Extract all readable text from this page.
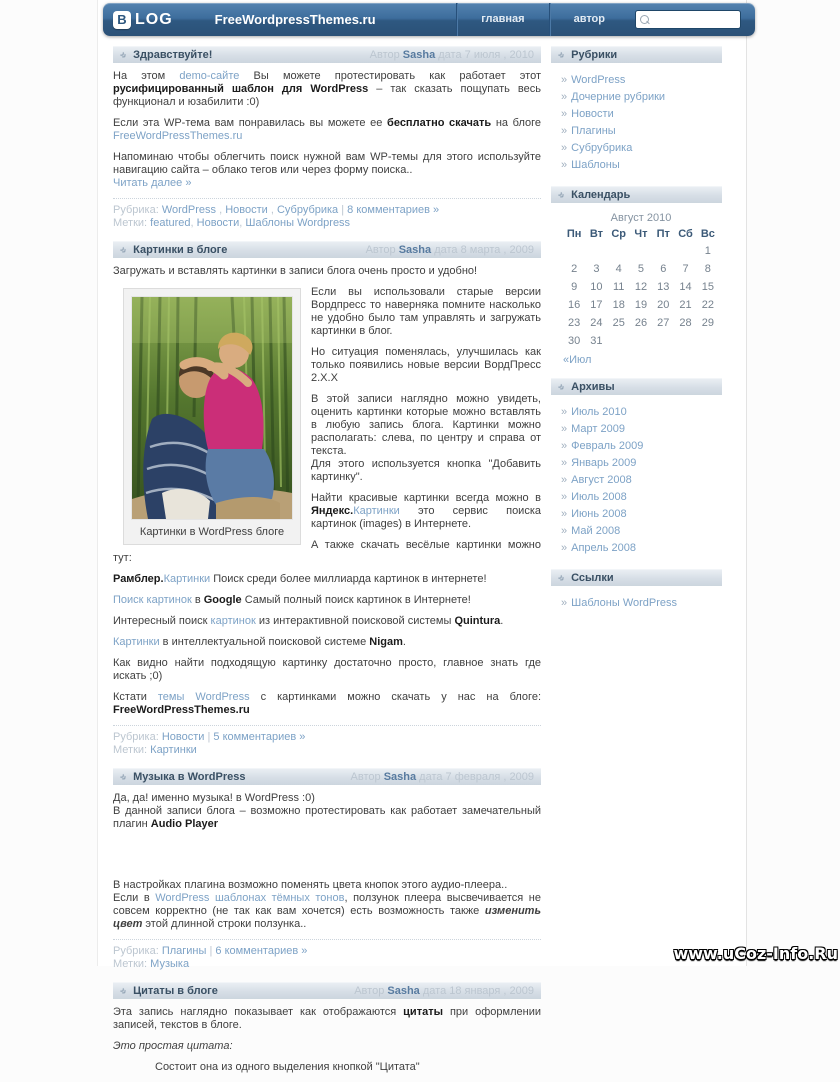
B LOG	FreeWordpressThemes.ru	главная	автор
» Здравствуйте!	Автор Sasha дата 7 июля , 2010

На этом demo-сайте Вы можете протестировать как работает этот русифицированный шаблон для WordPress – так сказать пощупать весь функционал и юзабилити :0)

Если эта WP-тема вам понравилась вы можете ее бесплатно скачать на блоге FreeWordPressThemes.ru

Напоминаю чтобы облегчить поиск нужной вам WP-темы для этого используйте навигацию сайта – облако тегов или через форму поиска..
Читать далее »

Рубрика: WordPress , Новости , Субрубрика | 8 комментариев »
Метки: featured, Новости, Шаблоны Wordpress
» Картинки в блоге	Автор Sasha дата 8 марта , 2009

Загружать и вставлять картинки в записи блога очень просто и удобно!

Картинки в WordPress блоге

Если вы использовали старые версии Вордпресс то наверняка помните насколько не удобно было там управлять и загружать картинки в блог.

Но ситуация поменялась, улучшилась как только появились новые версии ВордПресс 2.X.X

В этой записи наглядно можно увидеть, оценить картинки которые можно вставлять в любую запись блога. Картинки можно располагать: слева, по центру и справа от текста.
Для этого используется кнопка "Добавить картинку".

Найти красивые картинки всегда можно в Яндекс.Картинки это сервис поиска картинок (images) в Интернете.

А также скачать весёлые картинки можно тут:

Рамблер.Картинки Поиск среди более миллиарда картинок в интернете!

Поиск картинок в Google Самый полный поиск картинок в Интернете!

Интересный поиск картинок из интерактивной поисковой системы Quintura.

Картинки в интеллектуальной поисковой системе Nigam.

Как видно найти подходящую картинку достаточно просто, главное знать где искать ;0)

Кстати темы WordPress с картинками можно скачать у нас на блоге: FreeWordPressThemes.ru

Рубрика: Новости | 5 комментариев »
Метки: Картинки
» Музыка в WordPress	Автор Sasha дата 7 февраля , 2009

Да, да! именно музыка! в WordPress :0)
В данной записи блога – возможно протестировать как работает замечательный плагин Audio Player

В настройках плагина возможно поменять цвета кнопок этого аудио-плеера..
Если в WordPress шаблонах тёмных тонов, ползунок плеера высвечивается не совсем корректно (не так как вам хочется) есть возможность также изменить цвет этой длинной строки ползунка..

Рубрика: Плагины | 6 комментариев »
Метки: Музыка
» Цитаты в блоге	Автор Sasha дата 18 января , 2009

Эта запись наглядно показывает как отображаются цитаты при оформлении записей, текстов в блоге.

Это простая цитата:

Состоит она из одного выделения кнопкой "Цитата"

» Рубрики
» WordPress
» Дочерние рубрики
» Новости
» Плагины
» Субрубрика
» Шаблоны
» Календарь
Август 2010
Пн	Вт	Ср	Чт	Пт	Сб	Вс
						1
2	3	4	5	6	7	8
9	10	11	12	13	14	15
16	17	18	19	20	21	22
23	24	25	26	27	28	29
30	31					
«Июл
» Архивы
» Июль 2010
» Март 2009
» Февраль 2009
» Январь 2009
» Август 2008
» Июль 2008
» Июнь 2008
» Май 2008
» Апрель 2008
» Ссылки
» Шаблоны WordPress
www.uCoz-Info.Ru
